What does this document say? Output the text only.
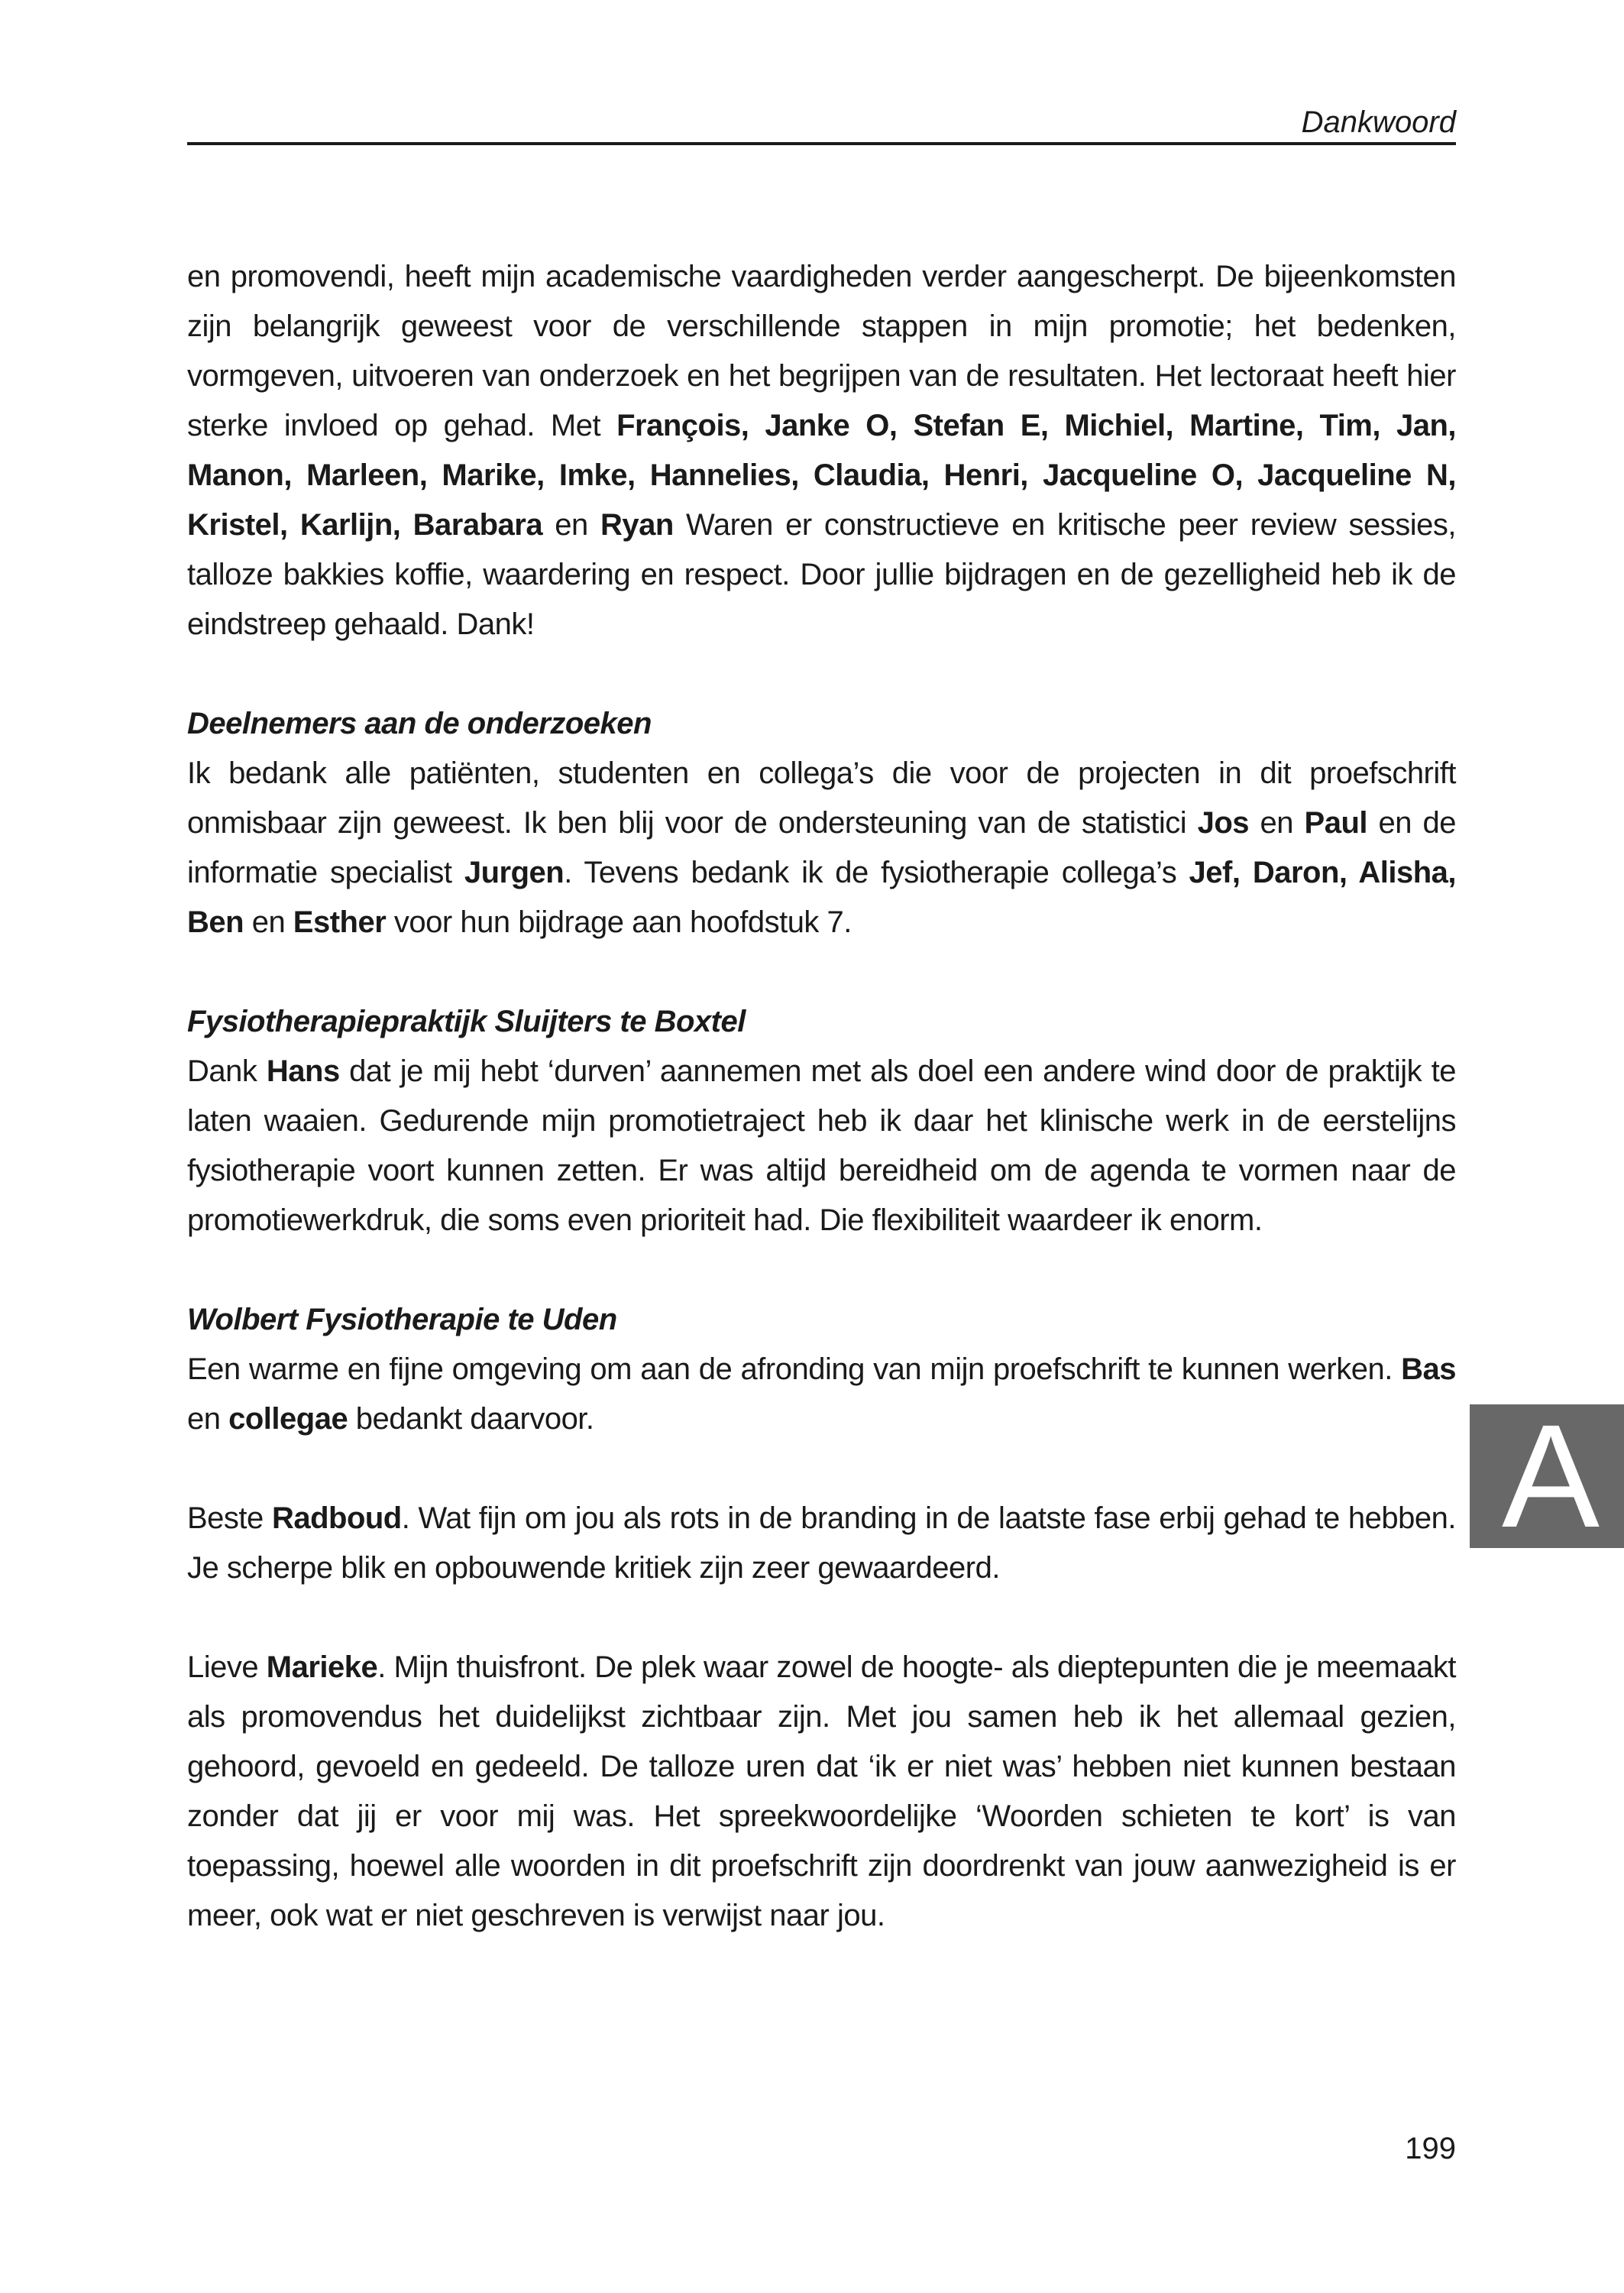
Dankwoord
en promovendi, heeft mijn academische vaardigheden verder aangescherpt. De bijeenkomsten zijn belangrijk geweest voor de verschillende stappen in mijn promotie; het bedenken, vormgeven, uitvoeren van onderzoek en het begrijpen van de resultaten. Het lectoraat heeft hier sterke invloed op gehad. Met François, Janke O, Stefan E, Michiel, Martine, Tim, Jan, Manon, Marleen, Marike, Imke, Hannelies, Claudia, Henri, Jacqueline O, Jacqueline N, Kristel, Karlijn, Barabara en Ryan Waren er constructieve en kritische peer review sessies, talloze bakkies koffie, waardering en respect. Door jullie bijdragen en de gezelligheid heb ik de eindstreep gehaald. Dank!
Deelnemers aan de onderzoeken
Ik bedank alle patiënten, studenten en collega’s die voor de projecten in dit proefschrift onmisbaar zijn geweest. Ik ben blij voor de ondersteuning van de statistici Jos en Paul en de informatie specialist Jurgen. Tevens bedank ik de fysiotherapie collega’s Jef, Daron, Alisha, Ben en Esther voor hun bijdrage aan hoofdstuk 7.
Fysiotherapiepraktijk Sluijters te Boxtel
Dank Hans dat je mij hebt ‘durven’ aannemen met als doel een andere wind door de praktijk te laten waaien. Gedurende mijn promotietraject heb ik daar het klinische werk in de eerstelijns fysiotherapie voort kunnen zetten. Er was altijd bereidheid om de agenda te vormen naar de promotiewerkdruk, die soms even prioriteit had. Die flexibiliteit waardeer ik enorm.
Wolbert Fysiotherapie te Uden
Een warme en fijne omgeving om aan de afronding van mijn proefschrift te kunnen werken. Bas en collegae bedankt daarvoor.
Beste Radboud. Wat fijn om jou als rots in de branding in de laatste fase erbij gehad te hebben. Je scherpe blik en opbouwende kritiek zijn zeer gewaardeerd.
Lieve Marieke. Mijn thuisfront. De plek waar zowel de hoogte- als dieptepunten die je meemaakt als promovendus het duidelijkst zichtbaar zijn. Met jou samen heb ik het allemaal gezien, gehoord, gevoeld en gedeeld. De talloze uren dat ‘ik er niet was’ hebben niet kunnen bestaan zonder dat jij er voor mij was. Het spreekwoordelijke ‘Woorden schieten te kort’ is van toepassing, hoewel alle woorden in dit proefschrift zijn doordrenkt van jouw aanwezigheid is er meer, ook wat er niet geschreven is verwijst naar jou.
A
199
